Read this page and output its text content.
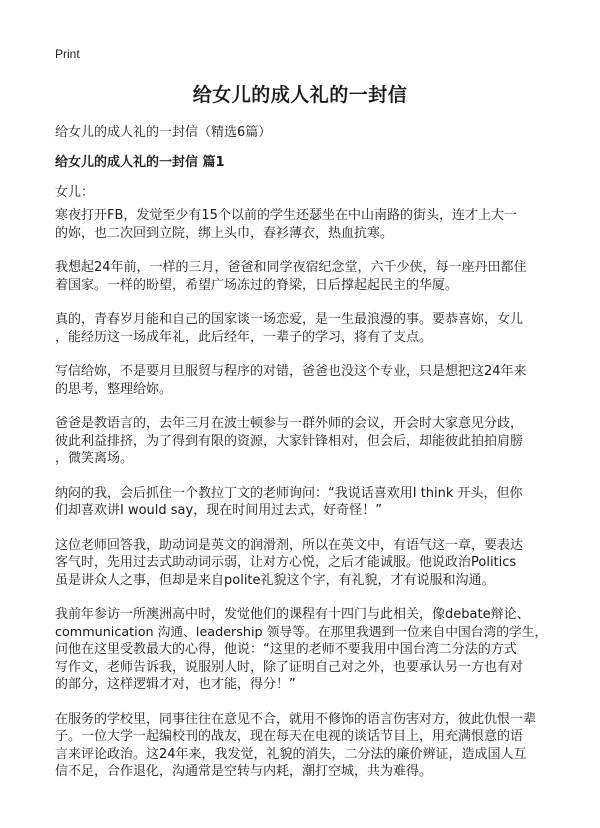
Print
给女儿的成人礼的一封信
给女儿的成人礼的一封信（精选6篇）
给女儿的成人礼的一封信 篇1
女儿：
寒夜打开FB，发觉至少有15个以前的学生还瑟坐在中山南路的街头，连才上大一
的妳，也二次回到立院，绑上头巾，春衫薄衣，热血抗寒。
我想起24年前，一样的三月，爸爸和同学夜宿纪念堂，六千少侠，每一座丹田都住
着国家。一样的盼望，希望广场冻过的脊梁，日后撑起起民主的华厦。
真的，青春岁月能和自己的国家谈一场恋爱，是一生最浪漫的事。要恭喜妳，女儿
，能经历这一场成年礼，此后经年，一辈子的学习，将有了支点。
写信给妳，不是要月旦服贸与程序的对错，爸爸也没这个专业，只是想把这24年来
的思考，整理给妳。
爸爸是教语言的，去年三月在波士顿参与一群外师的会议，开会时大家意见分歧，
彼此利益排挤，为了得到有限的资源，大家针锋相对，但会后，却能彼此拍拍肩膀
，微笑离场。
纳闷的我，会后抓住一个教拉丁文的老师询问：“我说话喜欢用I think 开头，但你
们却喜欢讲I would say，现在时间用过去式，好奇怪！”
这位老师回答我，助动词是英文的润滑剂，所以在英文中，有语气这一章，要表达
客气时，先用过去式助动词示弱，让对方心悦，之后才能诚服。他说政治Politics
虽是讲众人之事，但却是来自polite礼貌这个字，有礼貌，才有说服和沟通。
我前年参访一所澳洲高中时，发觉他们的课程有十四门与此相关，像debate辩论、
communication 沟通、leadership 领导等。在那里我遇到一位来自中国台湾的学生，
问他在这里受教最大的心得，他说：“这里的老师不要我用中国台湾二分法的方式
写作文，老师告诉我，说服别人时，除了证明自己对之外，也要承认另一方也有对
的部分，这样逻辑才对，也才能，得分！”
在服务的学校里，同事往往在意见不合，就用不修饰的语言伤害对方，彼此仇恨一辈
子。一位大学一起编校刊的战友，现在每天在电视的谈话节目上，用充满恨意的语
言来评论政治。这24年来，我发觉，礼貌的消失，二分法的廉价辨证，造成国人互
信不足，合作退化，沟通常是空转与内耗，潮打空城，共为难得。
